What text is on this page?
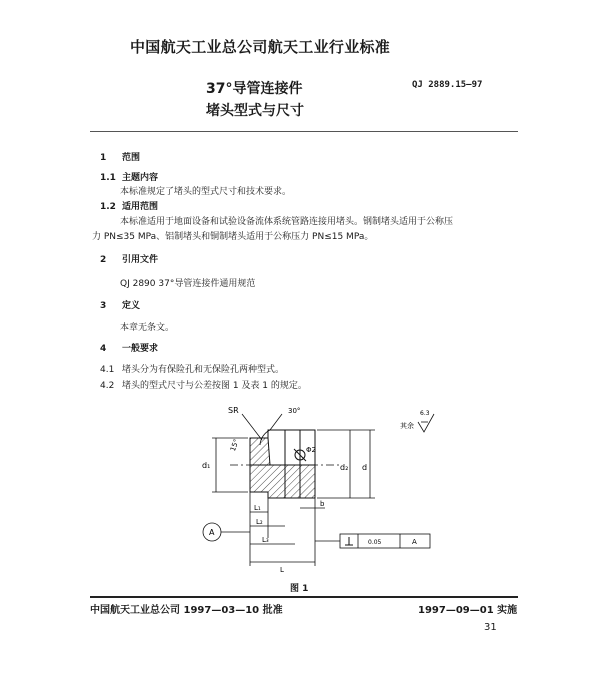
中国航天工业总公司航天工业行业标准
37°导管连接件
堵头型式与尺寸
QJ 2889.15—97
1 范围
1.1 主题内容
本标准规定了堵头的型式尺寸和技术要求。
1.2 适用范围
本标准适用于地面设备和试验设备流体系统管路连接用堵头。钢制堵头适用于公称压
力 PN≤35 MPa、铝制堵头和铜制堵头适用于公称压力 PN≤15 MPa。
2 引用文件
QJ 2890 37°导管连接件通用规范
3 定义
本章无条文。
4 一般要求
4.1 堵头分为有保险孔和无保险孔两种型式。
4.2 堵头的型式尺寸与公差按图 1 及表 1 的规定。
SR	30°
15°
d₁	d₂ d
Φ2
L₁
L₂
L₃
L
b
A
0.05	A
其余
6.3
图 1
中国航天工业总公司 1997—03—10 批准	1997—09—01 实施
31
